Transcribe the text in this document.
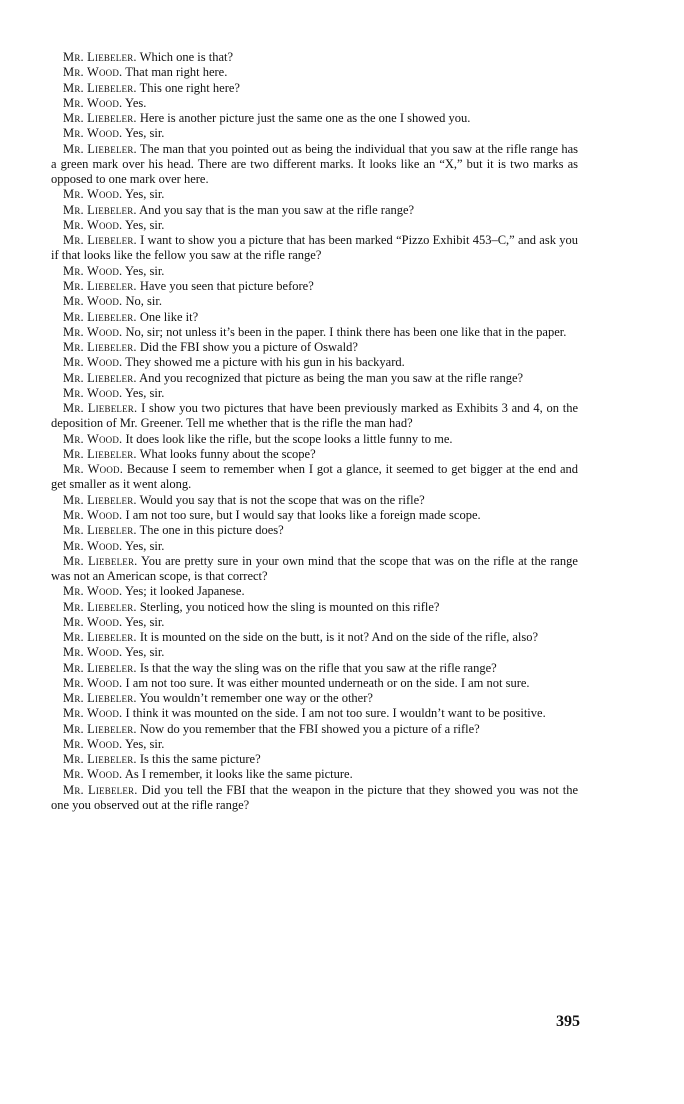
Mr. Liebeler. Which one is that?

Mr. Wood. That man right here.

Mr. Liebeler. This one right here?

Mr. Wood. Yes.

Mr. Liebeler. Here is another picture just the same one as the one I showed you.

Mr. Wood. Yes, sir.

Mr. Liebeler. The man that you pointed out as being the individual that you saw at the rifle range has a green mark over his head. There are two different marks. It looks like an “X,” but it is two marks as opposed to one mark over here.

Mr. Wood. Yes, sir.

Mr. Liebeler. And you say that is the man you saw at the rifle range?

Mr. Wood. Yes, sir.

Mr. Liebeler. I want to show you a picture that has been marked “Pizzo Exhibit 453–C,” and ask you if that looks like the fellow you saw at the rifle range?

Mr. Wood. Yes, sir.

Mr. Liebeler. Have you seen that picture before?

Mr. Wood. No, sir.

Mr. Liebeler. One like it?

Mr. Wood. No, sir; not unless it’s been in the paper. I think there has been one like that in the paper.

Mr. Liebeler. Did the FBI show you a picture of Oswald?

Mr. Wood. They showed me a picture with his gun in his backyard.

Mr. Liebeler. And you recognized that picture as being the man you saw at the rifle range?

Mr. Wood. Yes, sir.

Mr. Liebeler. I show you two pictures that have been previously marked as Exhibits 3 and 4, on the deposition of Mr. Greener. Tell me whether that is the rifle the man had?

Mr. Wood. It does look like the rifle, but the scope looks a little funny to me.

Mr. Liebeler. What looks funny about the scope?

Mr. Wood. Because I seem to remember when I got a glance, it seemed to get bigger at the end and get smaller as it went along.

Mr. Liebeler. Would you say that is not the scope that was on the rifle?

Mr. Wood. I am not too sure, but I would say that looks like a foreign made scope.

Mr. Liebeler. The one in this picture does?

Mr. Wood. Yes, sir.

Mr. Liebeler. You are pretty sure in your own mind that the scope that was on the rifle at the range was not an American scope, is that correct?

Mr. Wood. Yes; it looked Japanese.

Mr. Liebeler. Sterling, you noticed how the sling is mounted on this rifle?

Mr. Wood. Yes, sir.

Mr. Liebeler. It is mounted on the side on the butt, is it not? And on the side of the rifle, also?

Mr. Wood. Yes, sir.

Mr. Liebeler. Is that the way the sling was on the rifle that you saw at the rifle range?

Mr. Wood. I am not too sure. It was either mounted underneath or on the side. I am not sure.

Mr. Liebeler. You wouldn’t remember one way or the other?

Mr. Wood. I think it was mounted on the side. I am not too sure. I wouldn’t want to be positive.

Mr. Liebeler. Now do you remember that the FBI showed you a picture of a rifle?

Mr. Wood. Yes, sir.

Mr. Liebeler. Is this the same picture?

Mr. Wood. As I remember, it looks like the same picture.

Mr. Liebeler. Did you tell the FBI that the weapon in the picture that they showed you was not the one you observed out at the rifle range?

395
